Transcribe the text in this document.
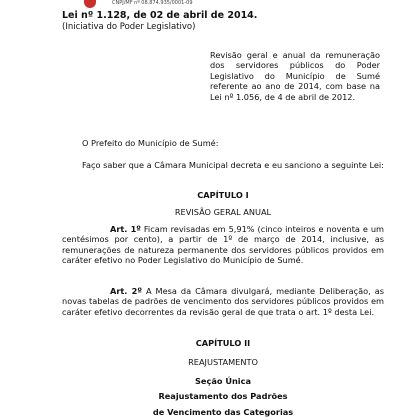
CNPJ/MF nº 08.874.935/0001-09
Lei nº 1.128, de 02 de abril de 2014.
(Iniciativa do Poder Legislativo)
Revisão geral e anual da remuneração dos servidores públicos do Poder Legislativo do Município de Sumé referente ao ano de 2014, com base na Lei nº 1.056, de 4 de abril de 2012.
O Prefeito do Município de Sumé:
Faço saber que a Câmara Municipal decreta e eu sanciono a seguinte Lei:
CAPÍTULO I
REVISÃO GERAL ANUAL
Art. 1º Ficam revisadas em 5,91% (cinco inteiros e noventa e um centésimos por cento), a partir de 1º de março de 2014, inclusive, as remunerações de natureza permanente dos servidores públicos providos em caráter efetivo no Poder Legislativo do Município de Sumé.
Art. 2º A Mesa da Câmara divulgará, mediante Deliberação, as novas tabelas de padrões de vencimento dos servidores públicos providos em caráter efetivo decorrentes da revisão geral de que trata o art. 1º desta Lei.
CAPÍTULO II
REAJUSTAMENTO
Seção Única
Reajustamento dos Padrões
de Vencimento das Categorias
